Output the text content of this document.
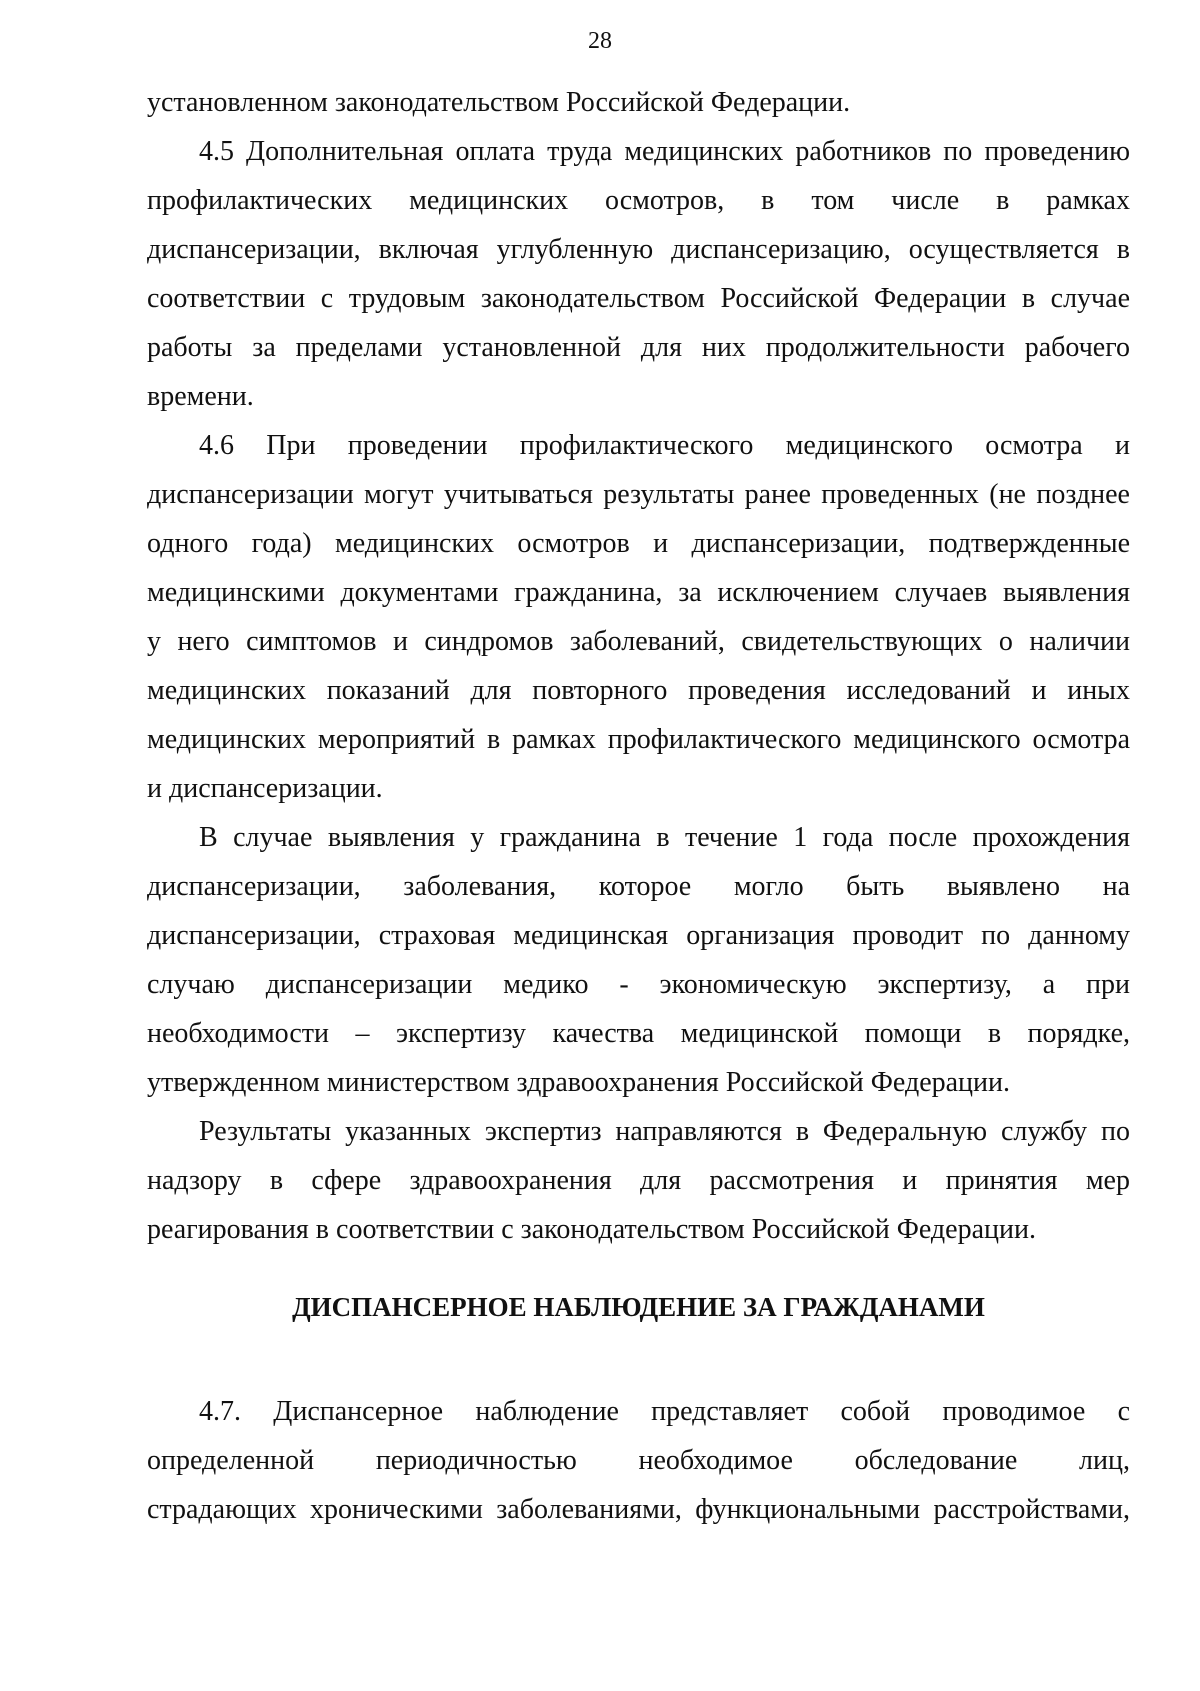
28
установленном законодательством Российской Федерации.
4.5 Дополнительная оплата труда медицинских работников по проведению
профилактических медицинских осмотров, в том числе в рамках
диспансеризации, включая углубленную диспансеризацию, осуществляется в
соответствии с трудовым законодательством Российской Федерации в случае
работы за пределами установленной для них продолжительности рабочего
времени.
4.6 При проведении профилактического медицинского осмотра и
диспансеризации могут учитываться результаты ранее проведенных (не позднее
одного года) медицинских осмотров и диспансеризации, подтвержденные
медицинскими документами гражданина, за исключением случаев выявления
у него симптомов и синдромов заболеваний, свидетельствующих о наличии
медицинских показаний для повторного проведения исследований и иных
медицинских мероприятий в рамках профилактического медицинского осмотра
и диспансеризации.
В случае выявления у гражданина в течение 1 года после прохождения
диспансеризации, заболевания, которое могло быть выявлено на
диспансеризации, страховая медицинская организация проводит по данному
случаю диспансеризации медико - экономическую экспертизу, а при
необходимости – экспертизу качества медицинской помощи в порядке,
утвержденном министерством здравоохранения Российской Федерации.
Результаты указанных экспертиз направляются в Федеральную службу по
надзору в сфере здравоохранения для рассмотрения и принятия мер
реагирования в соответствии с законодательством Российской Федерации.
ДИСПАНСЕРНОЕ НАБЛЮДЕНИЕ ЗА ГРАЖДАНАМИ
4.7. Диспансерное наблюдение представляет собой проводимое с
определенной периодичностью необходимое обследование лиц,
страдающих хроническими заболеваниями, функциональными расстройствами,
